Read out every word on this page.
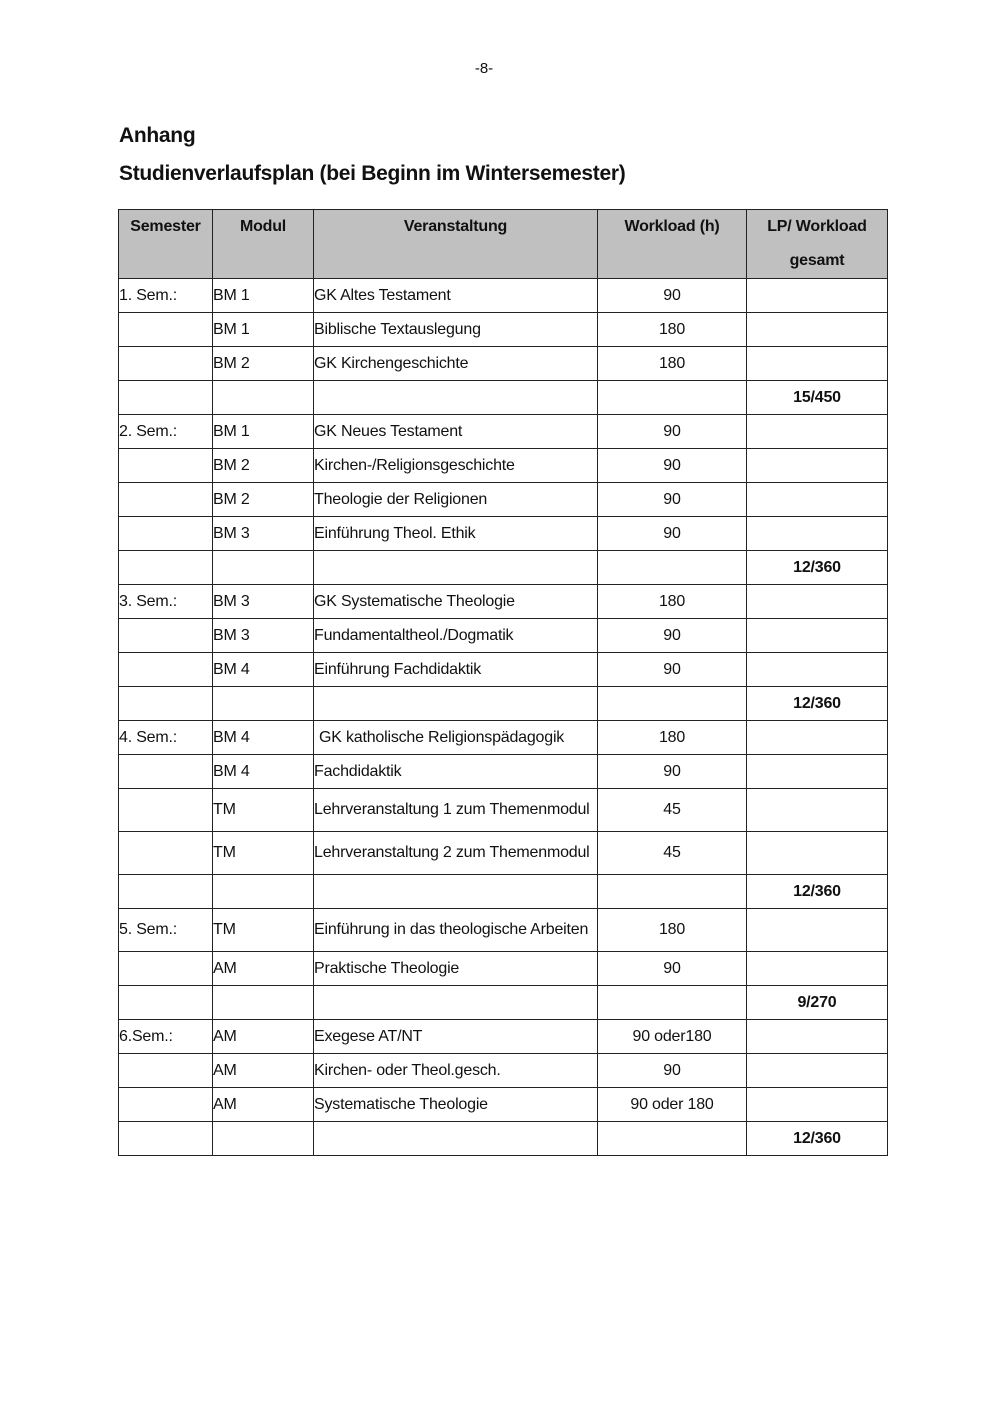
-8-
Anhang
Studienverlaufsplan (bei Beginn im Wintersemester)
Semester	Modul	Veranstaltung	Workload (h)	LP/ Workload
gesamt

1. Sem.:	BM 1	GK Altes Testament	90	
	BM 1	Biblische Textauslegung	180	
	BM 2	GK Kirchengeschichte	180	
				15/450
2. Sem.:	BM 1	GK Neues Testament	90	
	BM 2	Kirchen-/Religionsgeschichte	90	
	BM 2	Theologie der Religionen	90	
	BM 3	Einführung Theol. Ethik	90	
				12/360
3. Sem.:	BM 3	GK Systematische Theologie	180	
	BM 3	Fundamentaltheol./Dogmatik	90	
	BM 4	Einführung Fachdidaktik	90	
				12/360
4. Sem.:	BM 4	GK katholische Religionspädagogik	180	
	BM 4	Fachdidaktik	90	
	TM	Lehrveranstaltung 1 zum Themenmodul	45	
	TM	Lehrveranstaltung 2 zum Themenmodul	45	
				12/360
5. Sem.:	TM	Einführung in das theologische Arbeiten	180	
	AM	Praktische Theologie	90	
				9/270
6.Sem.:	AM	Exegese AT/NT	90 oder180	
	AM	Kirchen- oder Theol.gesch.	90	
	AM	Systematische Theologie	90 oder 180	
				12/360
